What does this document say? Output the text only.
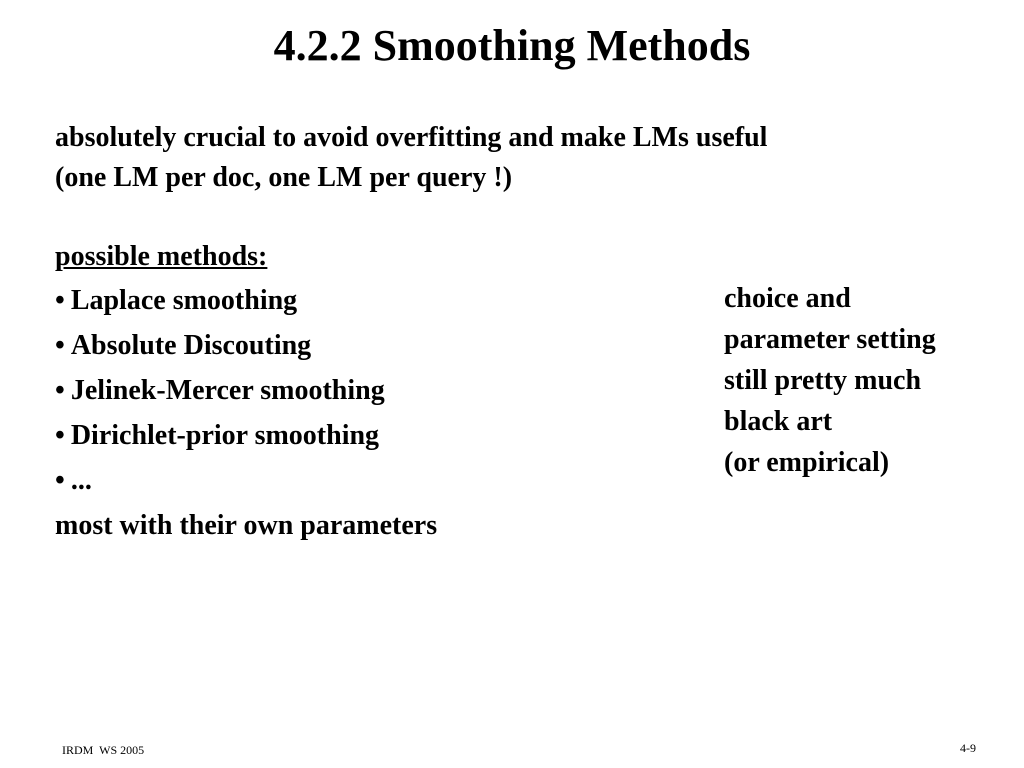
4.2.2 Smoothing Methods
absolutely crucial to avoid overfitting and make LMs useful
(one LM per doc, one LM per query !)
possible methods:
• Laplace smoothing
• Absolute Discouting
• Jelinek-Mercer smoothing
• Dirichlet-prior smoothing
• ...
most with their own parameters
choice and
parameter setting
still pretty much
black art
(or empirical)
IRDM  WS 2005	4-9
